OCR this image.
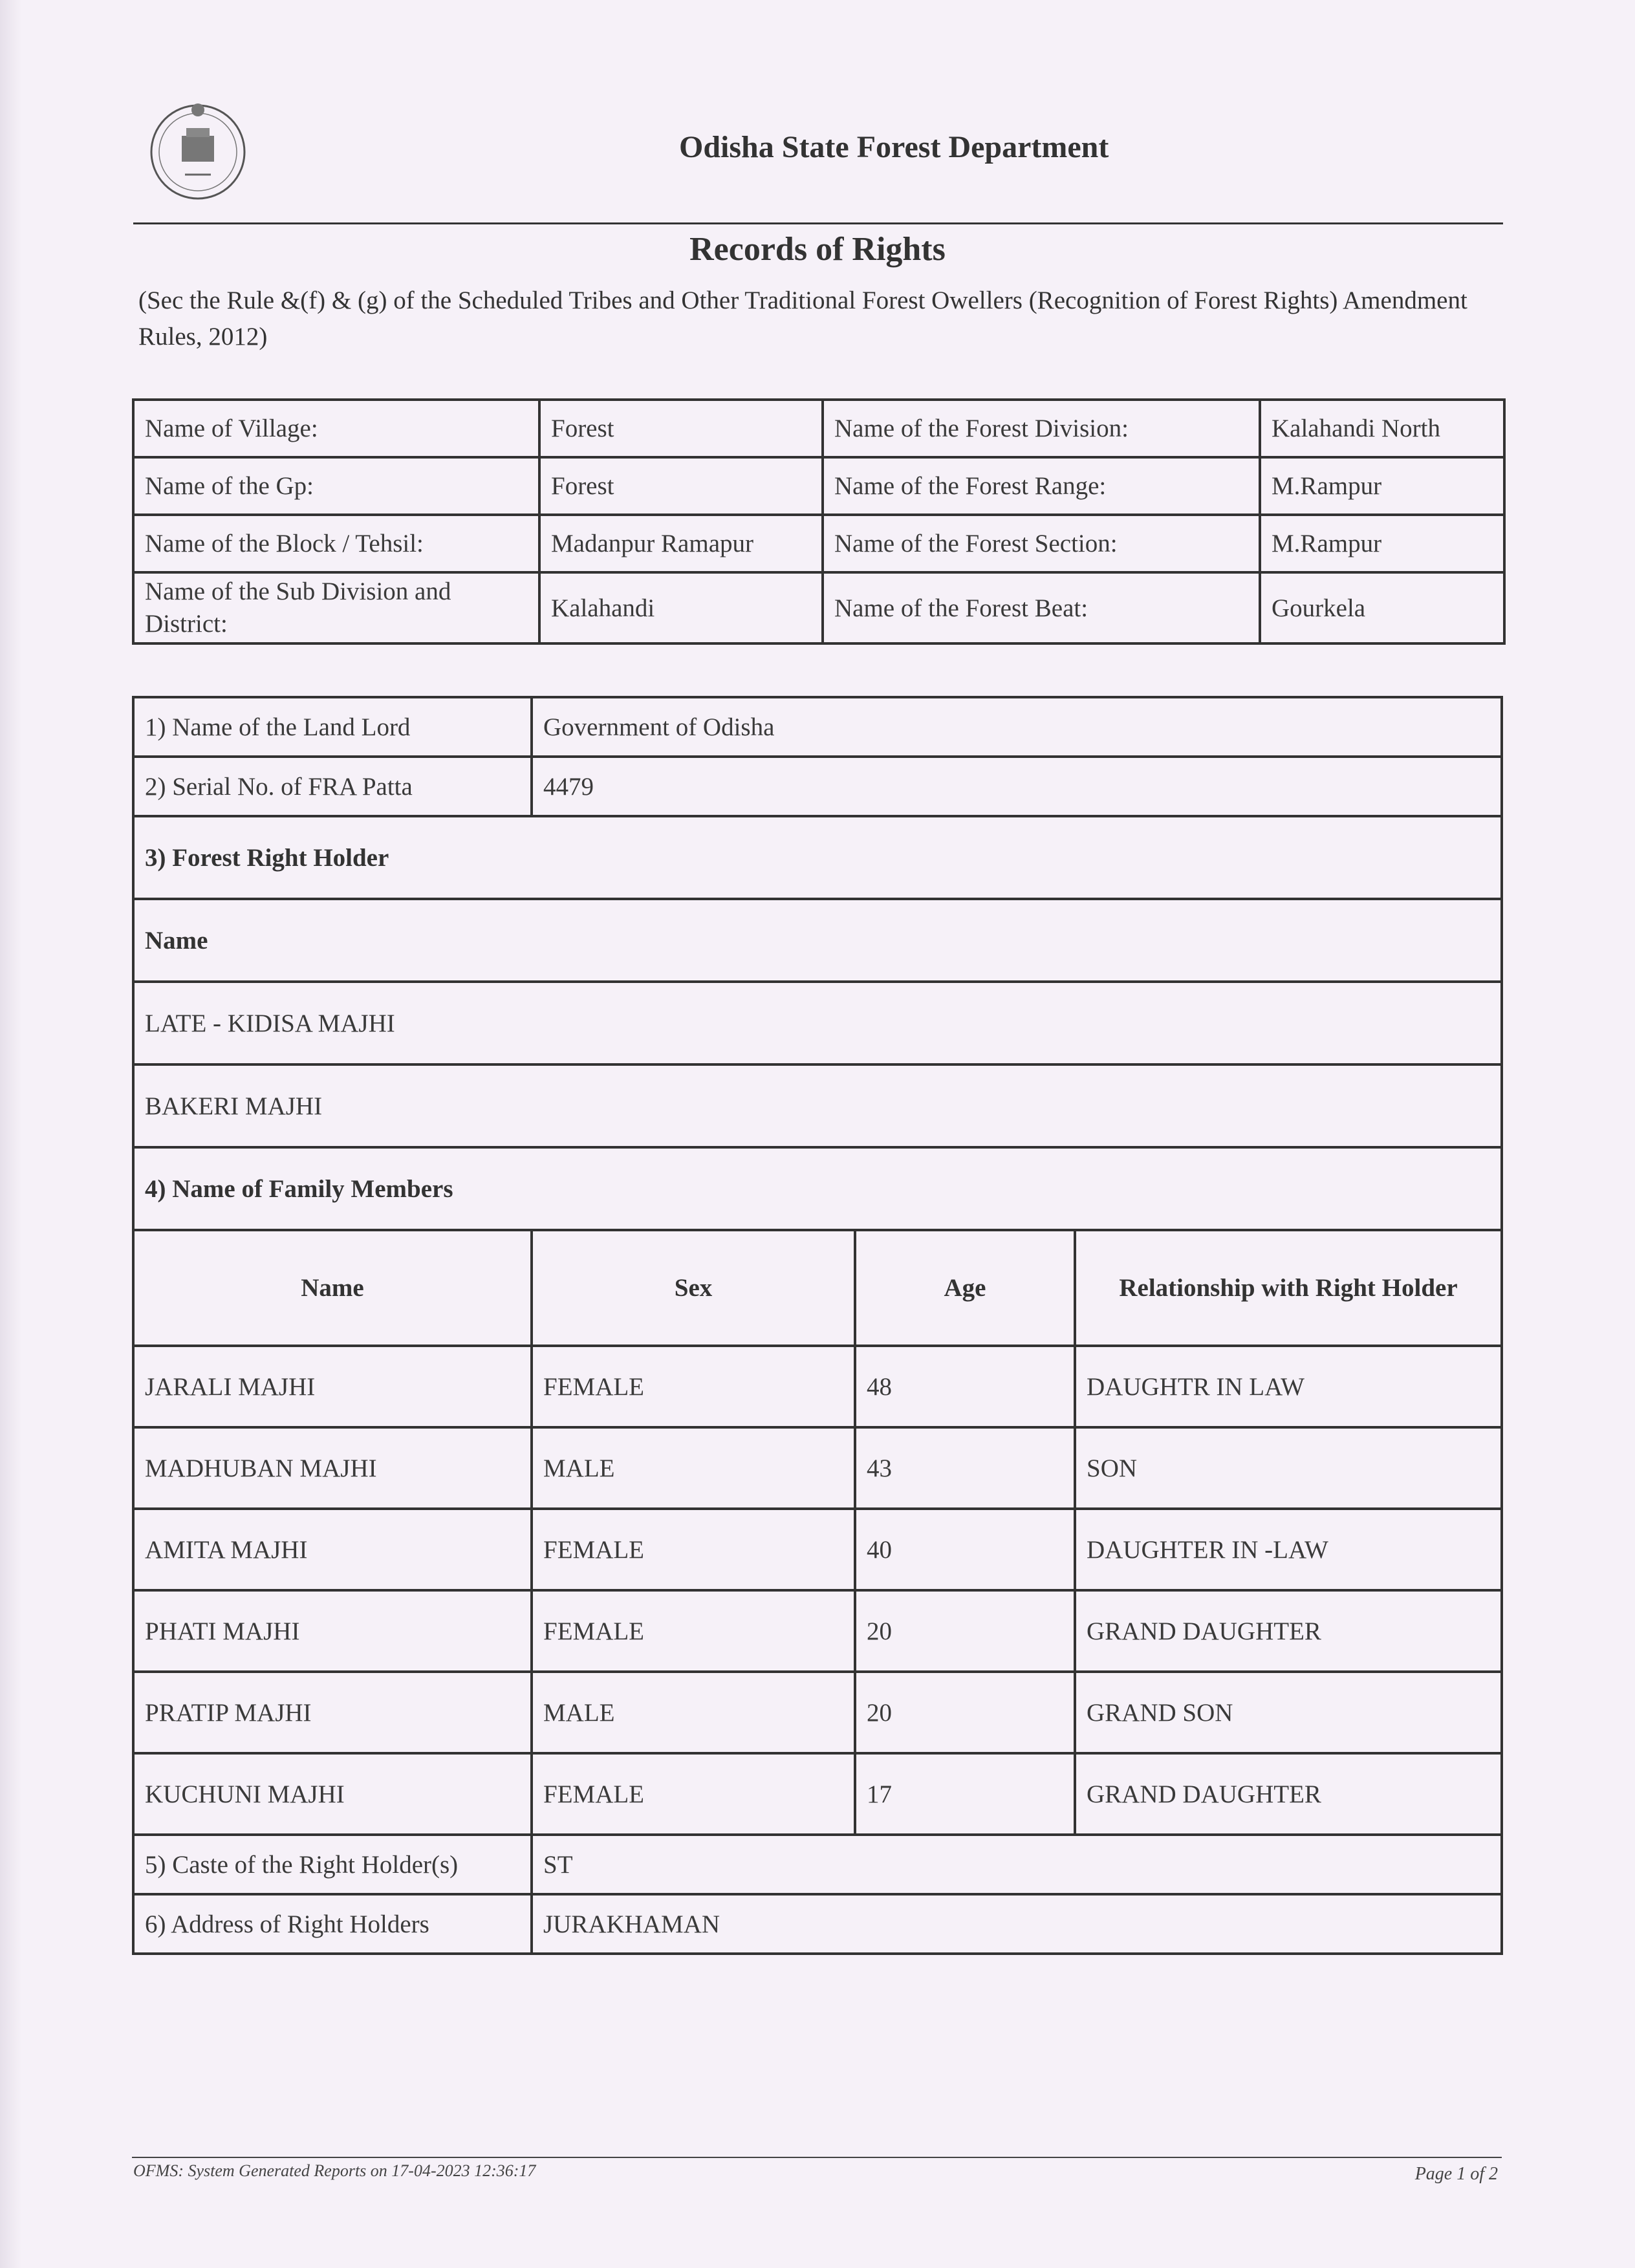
Odisha State Forest Department
Records of Rights
(Sec the Rule &(f) & (g) of the Scheduled Tribes and Other Traditional Forest Owellers (Recognition of Forest Rights) Amendment Rules, 2012)
Name of Village:	Forest	Name of the Forest Division:	Kalahandi North
Name of the Gp:	Forest	Name of the Forest Range:	M.Rampur
Name of the Block / Tehsil:	Madanpur Ramapur	Name of the Forest Section:	M.Rampur
Name of the Sub Division and District:	Kalahandi	Name of the Forest Beat:	Gourkela
1) Name of the Land Lord	Government of Odisha		
2) Serial No. of FRA Patta	4479		
3) Forest Right Holder			
Name			
LATE - KIDISA MAJHI			
BAKERI MAJHI			
4) Name of Family Members			
Name	Sex	Age	Relationship with Right Holder
JARALI MAJHI	FEMALE	48	DAUGHTR IN LAW
MADHUBAN MAJHI	MALE	43	SON
AMITA MAJHI	FEMALE	40	DAUGHTER IN -LAW
PHATI MAJHI	FEMALE	20	GRAND DAUGHTER
PRATIP MAJHI	MALE	20	GRAND SON
KUCHUNI MAJHI	FEMALE	17	GRAND DAUGHTER
5) Caste of the Right Holder(s)	ST		
6) Address of Right Holders	JURAKHAMAN		
OFMS: System Generated Reports on 17-04-2023 12:36:17	Page 1 of 2
